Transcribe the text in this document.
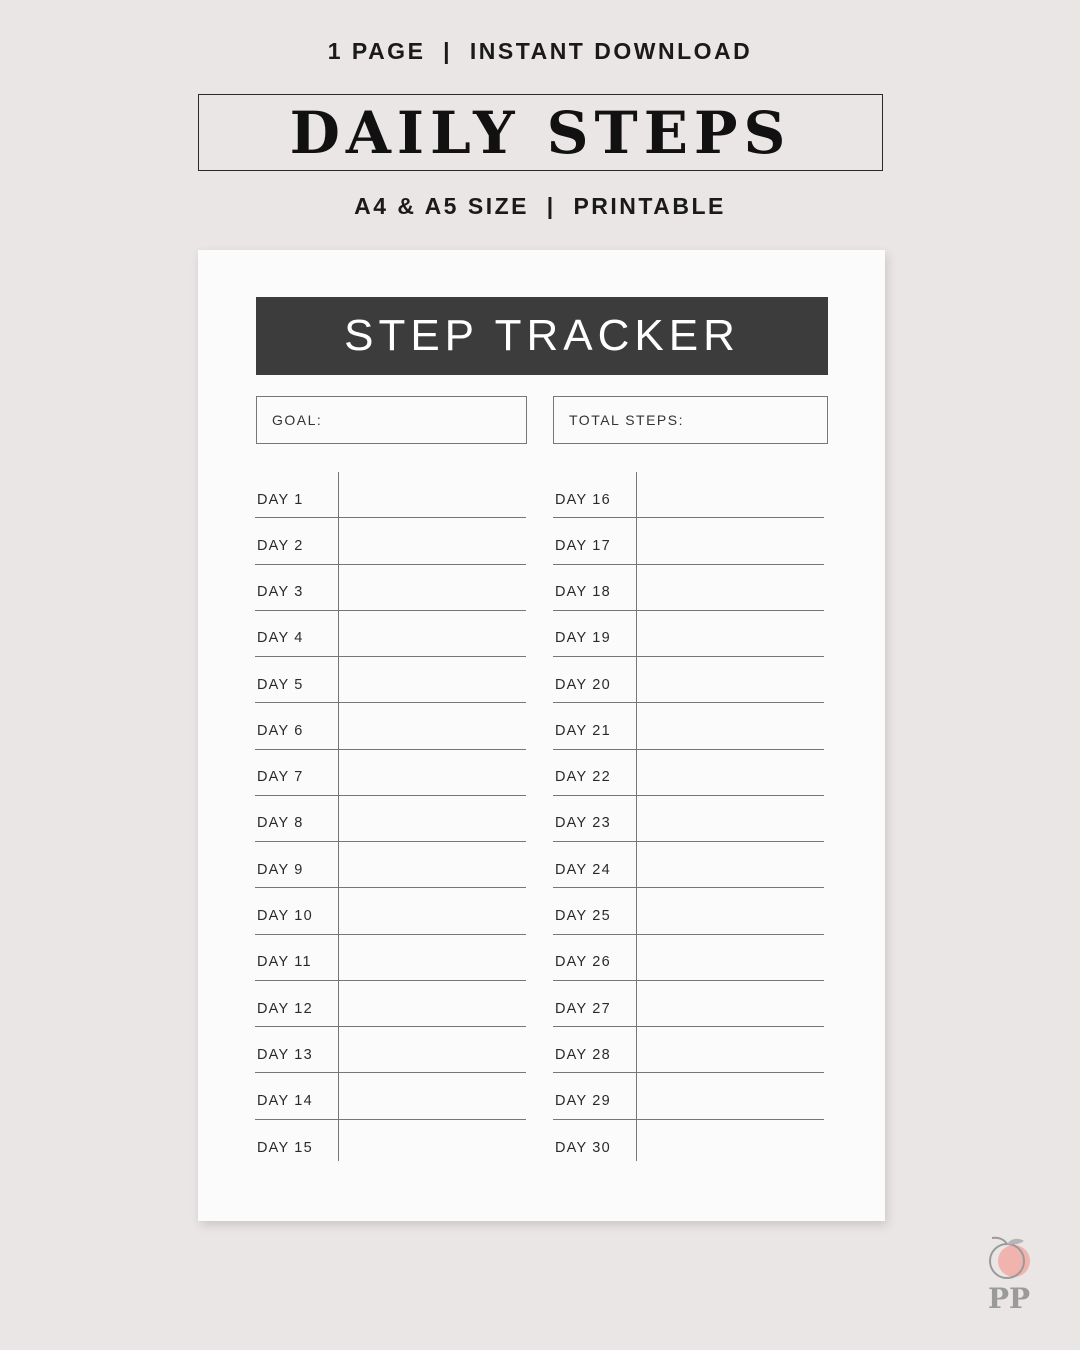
1 PAGE  |  INSTANT DOWNLOAD
DAILY STEPS
A4 & A5 SIZE  |  PRINTABLE
STEP TRACKER
GOAL:	TOTAL STEPS:
DAY 1
DAY 2
DAY 3
DAY 4
DAY 5
DAY 6
DAY 7
DAY 8
DAY 9
DAY 10
DAY 11
DAY 12
DAY 13
DAY 14
DAY 15
DAY 16
DAY 17
DAY 18
DAY 19
DAY 20
DAY 21
DAY 22
DAY 23
DAY 24
DAY 25
DAY 26
DAY 27
DAY 28
DAY 29
DAY 30
PP
